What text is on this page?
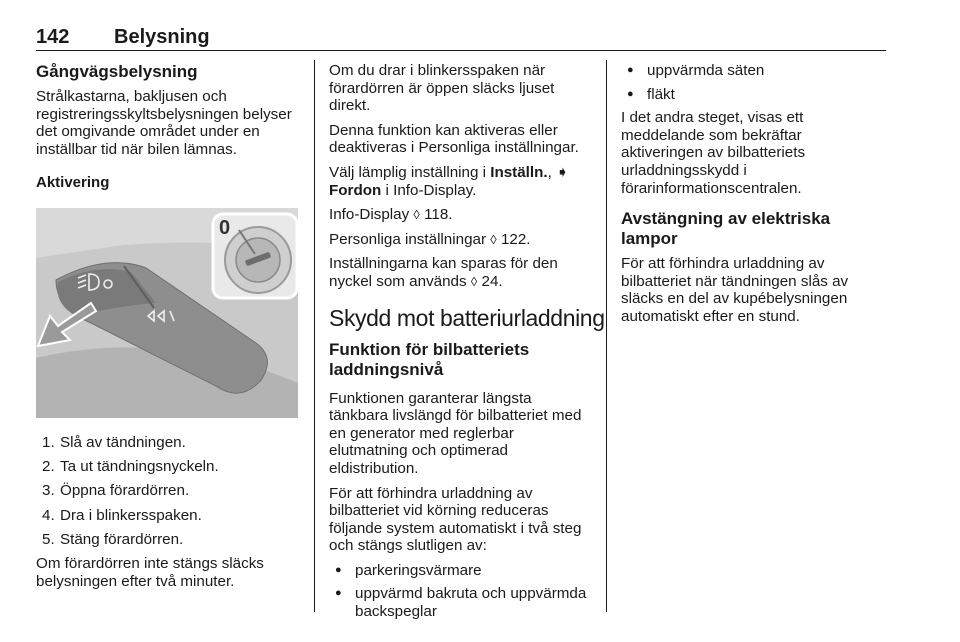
142 Belysning
Gångvägsbelysning

Strålkastarna, bakljusen och registreringsskyltsbelysningen belyser det omgivande området under en inställbar tid när bilen lämnas.

Aktivering
0
1. Slå av tändningen.
2. Ta ut tändningsnyckeln.
3. Öppna förardörren.
4. Dra i blinkersspaken.
5. Stäng förardörren.

Om förardörren inte stängs släcks belysningen efter två minuter.

Om du drar i blinkersspaken när förardörren är öppen släcks ljuset direkt.

Denna funktion kan aktiveras eller deaktiveras i Personliga inställningar.

Välj lämplig inställning i Inställn., ➧ Fordon i Info-Display.

Info-Display ◊ 118.

Personliga inställningar ◊ 122.

Inställningarna kan sparas för den nyckel som används ◊ 24.

Skydd mot batteriurladdning
Funktion för bilbatteriets laddningsnivå

Funktionen garanterar längsta tänkbara livslängd för bilbatteriet med en generator med reglerbar elutmatning och optimerad eldistribution.

För att förhindra urladdning av bilbatteriet vid körning reduceras följande system automatiskt i två steg och stängs slutligen av:

● parkeringsvärmare
● uppvärmd bakruta och uppvärmda backspeglar
● uppvärmda säten
● fläkt

I det andra steget, visas ett meddelande som bekräftar aktiveringen av bilbatteriets urladdningsskydd i förarinformationscentralen.

Avstängning av elektriska lampor

För att förhindra urladdning av bilbatteriet när tändningen slås av släcks en del av kupébelysningen automatiskt efter en stund.
